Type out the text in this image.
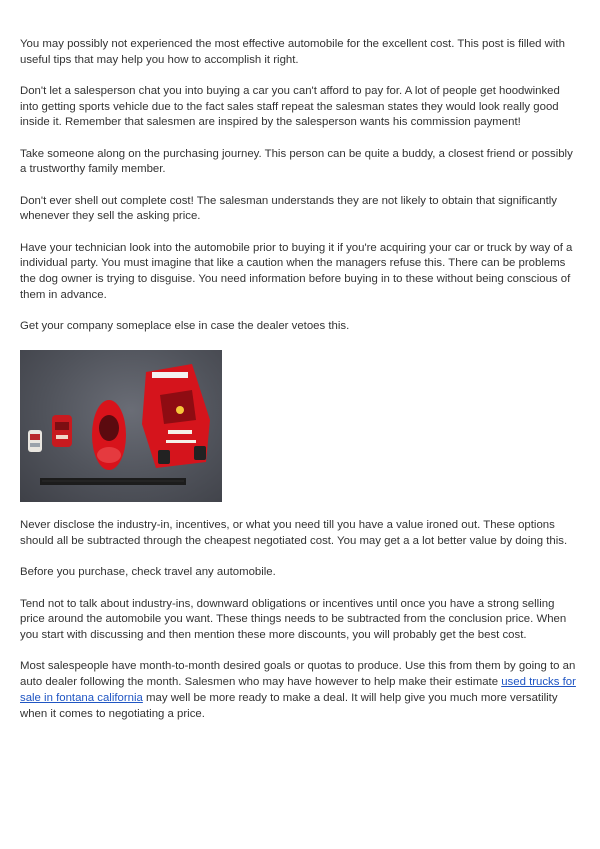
You may possibly not experienced the most effective automobile for the excellent cost. This post is filled with useful tips that may help you how to accomplish it right.

Don't let a salesperson chat you into buying a car you can't afford to pay for. A lot of people get hoodwinked into getting sports vehicle due to the fact sales staff repeat the salesman states they would look really good inside it. Remember that salesmen are inspired by the salesperson wants his commission payment!

Take someone along on the purchasing journey. This person can be quite a buddy, a closest friend or possibly a trustworthy family member.

Don't ever shell out complete cost! The salesman understands they are not likely to obtain that significantly whenever they sell the asking price.

Have your technician look into the automobile prior to buying it if you're acquiring your car or truck by way of a individual party. You must imagine that like a caution when the managers refuse this. There can be problems the dog owner is trying to disguise. You need information before buying in to these without being conscious of them in advance.

Get your company someplace else in case the dealer vetoes this.

Never disclose the industry-in, incentives, or what you need till you have a value ironed out. These options should all be subtracted through the cheapest negotiated cost. You may get a a lot better value by doing this.

Before you purchase, check travel any automobile.

Tend not to talk about industry-ins, downward obligations or incentives until once you have a strong selling price around the automobile you want. These things needs to be subtracted from the conclusion price. When you start with discussing and then mention these more discounts, you will probably get the best cost.

Most salespeople have month-to-month desired goals or quotas to produce. Use this from them by going to an auto dealer following the month. Salesmen who may have however to help make their estimate used trucks for sale in fontana california may well be more ready to make a deal. It will help give you much more versatility when it comes to negotiating a price.
